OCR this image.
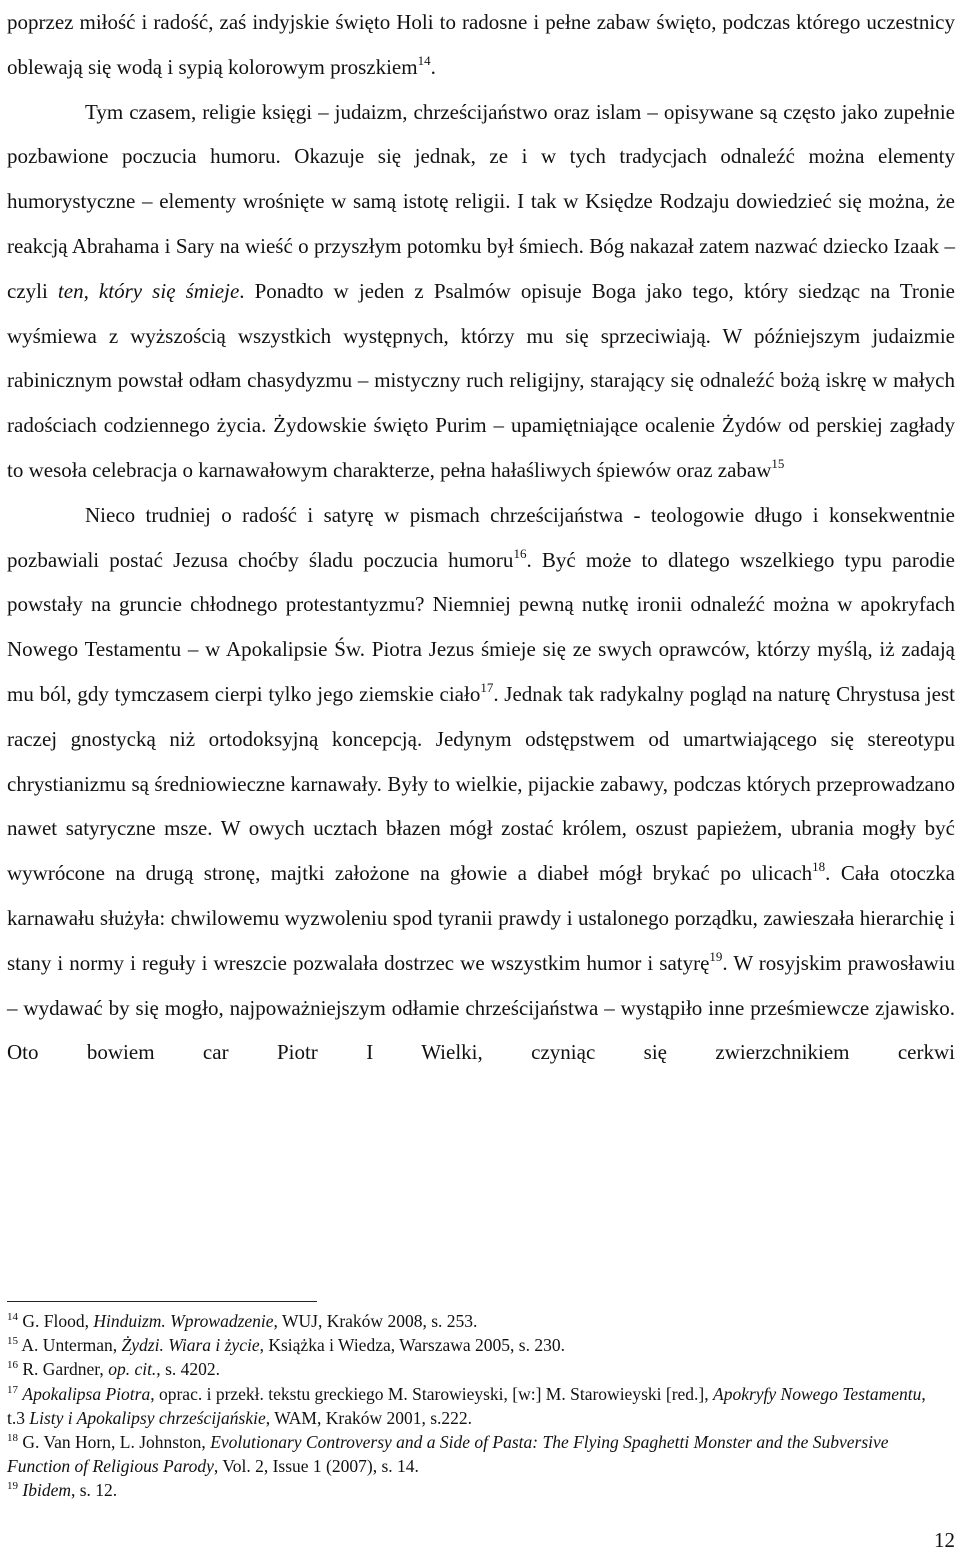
poprzez miłość i radość, zaś indyjskie święto Holi to radosne i pełne zabaw święto, podczas którego uczestnicy oblewają się wodą i sypią kolorowym proszkiem$^{14}$.

Tym czasem, religie księgi – judaizm, chrześcijaństwo oraz islam – opisywane są często jako zupełnie pozbawione poczucia humoru. Okazuje się jednak, ze i w tych tradycjach odnaleźć można elementy humorystyczne – elementy wrośnięte w samą istotę religii. I tak w Księdze Rodzaju dowiedzieć się można, że reakcją Abrahama i Sary na wieść o przyszłym potomku był śmiech. Bóg nakazał zatem nazwać dziecko Izaak – czyli ten, który się śmieje. Ponadto w jeden z Psalmów opisuje Boga jako tego, który siedząc na Tronie wyśmiewa z wyższością wszystkich występnych, którzy mu się sprzeciwiają. W późniejszym judaizmie rabinicznym powstał odłam chasydyzmu – mistyczny ruch religijny, starający się odnaleźć bożą iskrę w małych radościach codziennego życia. Żydowskie święto Purim – upamiętniające ocalenie Żydów od perskiej zagłady to wesoła celebracja o karnawałowym charakterze, pełna hałaśliwych śpiewów oraz zabaw$^{15}$

Nieco trudniej o radość i satyrę w pismach chrześcijaństwa - teologowie długo i konsekwentnie pozbawiali postać Jezusa choćby śladu poczucia humoru$^{16}$. Być może to dlatego wszelkiego typu parodie powstały na gruncie chłodnego protestantyzmu? Niemniej pewną nutkę ironii odnaleźć można w apokryfach Nowego Testamentu – w Apokalipsie Św. Piotra Jezus śmieje się ze swych oprawców, którzy myślą, iż zadają mu ból, gdy tymczasem cierpi tylko jego ziemskie ciało$^{17}$. Jednak tak radykalny pogląd na naturę Chrystusa jest raczej gnostycką niż ortodoksyjną koncepcją. Jedynym odstępstwem od umartwiającego się stereotypu chrystianizmu są średniowieczne karnawały. Były to wielkie, pijackie zabawy, podczas których przeprowadzano nawet satyryczne msze. W owych ucztach błazen mógł zostać królem, oszust papieżem, ubrania mogły być wywrócone na drugą stronę, majtki założone na głowie a diabeł mógł brykać po ulicach$^{18}$. Cała otoczka karnawału służyła: chwilowemu wyzwoleniu spod tyranii prawdy i ustalonego porządku, zawieszała hierarchię i stany i normy i reguły i wreszcie pozwalała dostrzec we wszystkim humor i satyrę$^{19}$. W rosyjskim prawosławiu – wydawać by się mogło, najpoważniejszym odłamie chrześcijaństwa – wystąpiło inne prześmiewcze zjawisko. Oto bowiem car Piotr I Wielki, czyniąc się zwierzchnikiem cerkwi

$^{14}$ G. Flood, Hinduizm. Wprowadzenie, WUJ, Kraków 2008, s. 253.

$^{15}$ A. Unterman, Żydzi. Wiara i życie, Książka i Wiedza, Warszawa 2005, s. 230.

$^{16}$ R. Gardner, op. cit., s. 4202.

$^{17}$ Apokalipsa Piotra, oprac. i przekł. tekstu greckiego M. Starowieyski, [w:] M. Starowieyski [red.], Apokryfy Nowego Testamentu, t.3 Listy i Apokalipsy chrześcijańskie, WAM, Kraków 2001, s.222.

$^{18}$ G. Van Horn, L. Johnston, Evolutionary Controversy and a Side of Pasta: The Flying Spaghetti Monster and the Subversive Function of Religious Parody, Vol. 2, Issue 1 (2007), s. 14.

$^{19}$ Ibidem, s. 12.

12
